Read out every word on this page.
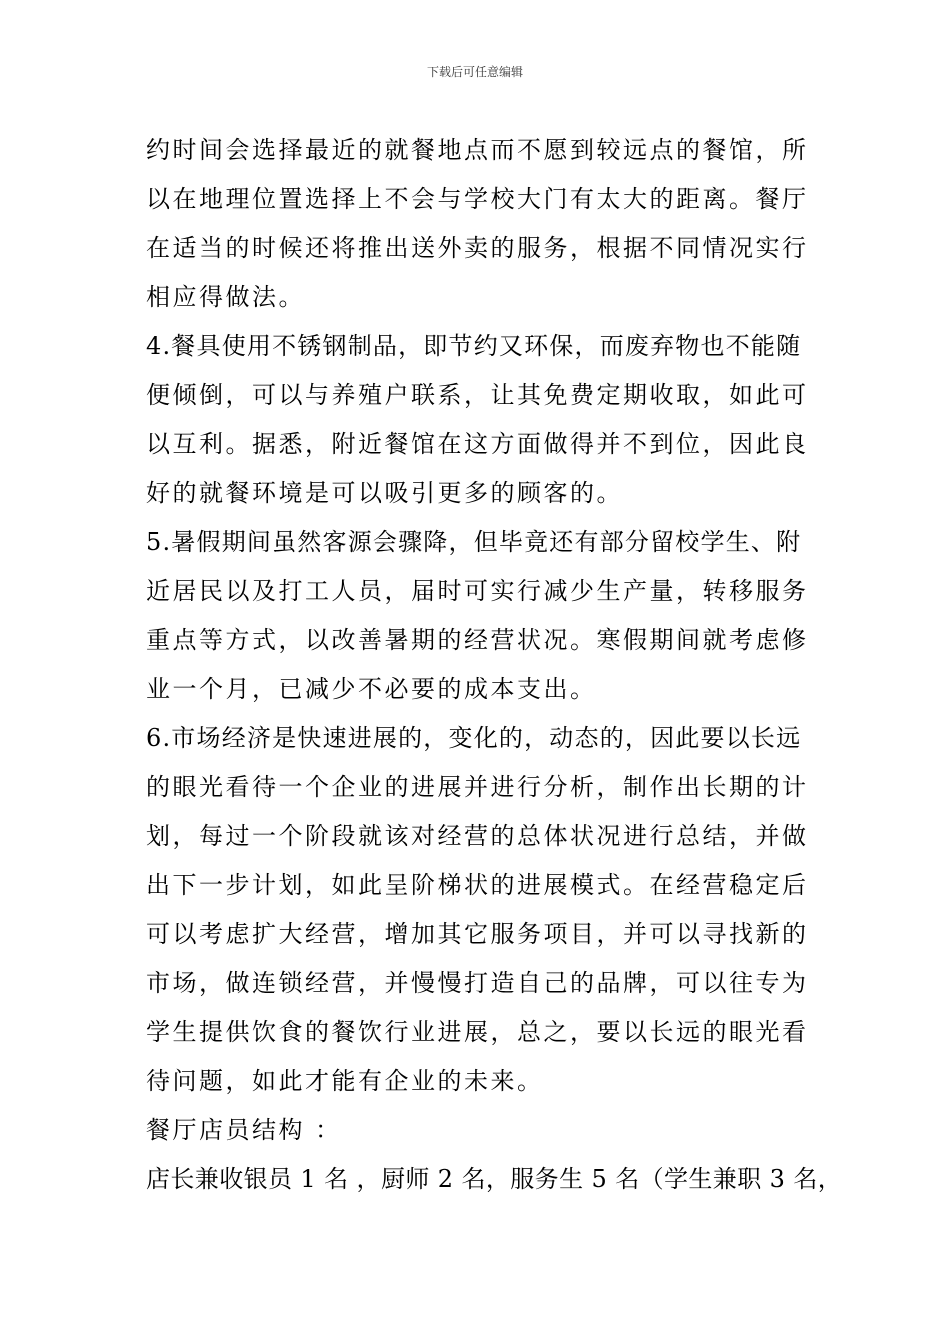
下载后可任意编辑
约时间会选择最近的就餐地点而不愿到较远点的餐馆，所
以在地理位置选择上不会与学校大门有太大的距离。餐厅
在适当的时候还将推出送外卖的服务，根据不同情况实行
相应得做法。
4.餐具使用不锈钢制品，即节约又环保，而废弃物也不能随
便倾倒，可以与养殖户联系，让其免费定期收取，如此可
以互利。据悉，附近餐馆在这方面做得并不到位，因此良
好的就餐环境是可以吸引更多的顾客的。
5.暑假期间虽然客源会骤降，但毕竟还有部分留校学生、附
近居民以及打工人员，届时可实行减少生产量，转移服务
重点等方式，以改善暑期的经营状况。寒假期间就考虑修
业一个月，已减少不必要的成本支出。
6.市场经济是快速进展的，变化的，动态的，因此要以长远
的眼光看待一个企业的进展并进行分析，制作出长期的计
划，每过一个阶段就该对经营的总体状况进行总结，并做
出下一步计划，如此呈阶梯状的进展模式。在经营稳定后
可以考虑扩大经营，增加其它服务项目，并可以寻找新的
市场，做连锁经营，并慢慢打造自己的品牌，可以往专为
学生提供饮食的餐饮行业进展，总之，要以长远的眼光看
待问题，如此才能有企业的未来。
餐厅店员结构 ：
店长兼收银员 1 名 ，厨师 2 名，服务生 5 名（学生兼职 3 名，
